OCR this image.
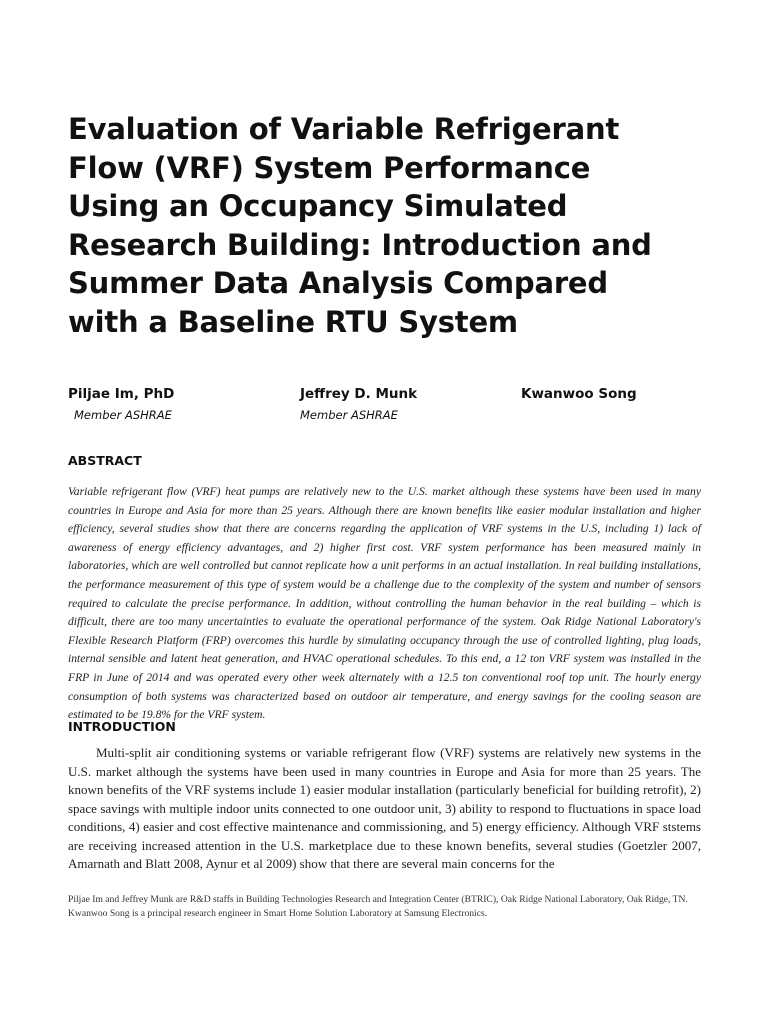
Evaluation of Variable Refrigerant
Flow (VRF) System Performance
Using an Occupancy Simulated
Research Building: Introduction and
Summer Data Analysis Compared
with a Baseline RTU System
Piljae Im, PhD
Member ASHRAE
Jeffrey D. Munk
Member ASHRAE
Kwanwoo Song
ABSTRACT
Variable refrigerant flow (VRF) heat pumps are relatively new to the U.S. market although these systems have been used in many countries in Europe and Asia for more than 25 years. Although there are known benefits like easier modular installation and higher efficiency, several studies show that there are concerns regarding the application of VRF systems in the U.S, including 1) lack of awareness of energy efficiency advantages, and 2) higher first cost. VRF system performance has been measured mainly in laboratories, which are well controlled but cannot replicate how a unit performs in an actual installation. In real building installations, the performance measurement of this type of system would be a challenge due to the complexity of the system and number of sensors required to calculate the precise performance. In addition, without controlling the human behavior in the real building – which is difficult, there are too many uncertainties to evaluate the operational performance of the system. Oak Ridge National Laboratory's Flexible Research Platform (FRP) overcomes this hurdle by simulating occupancy through the use of controlled lighting, plug loads, internal sensible and latent heat generation, and HVAC operational schedules. To this end, a 12 ton VRF system was installed in the FRP in June of 2014 and was operated every other week alternately with a 12.5 ton conventional roof top unit. The hourly energy consumption of both systems was characterized based on outdoor air temperature, and energy savings for the cooling season are estimated to be 19.8% for the VRF system.
INTRODUCTION
Multi-split air conditioning systems or variable refrigerant flow (VRF) systems are relatively new systems in the U.S. market although the systems have been used in many countries in Europe and Asia for more than 25 years. The known benefits of the VRF systems include 1) easier modular installation (particularly beneficial for building retrofit), 2) space savings with multiple indoor units connected to one outdoor unit, 3) ability to respond to fluctuations in space load conditions, 4) easier and cost effective maintenance and commissioning, and 5) energy efficiency. Although VRF ststems are receiving increased attention in the U.S. marketplace due to these known benefits, several studies (Goetzler 2007, Amarnath and Blatt 2008, Aynur et al 2009) show that there are several main concerns for the
Piljae Im and Jeffrey Munk are R&D staffs in Building Technologies Research and Integration Center (BTRIC), Oak Ridge National Laboratory, Oak Ridge, TN.
Kwanwoo Song is a principal research engineer in Smart Home Solution Laboratory at Samsung Electronics.
